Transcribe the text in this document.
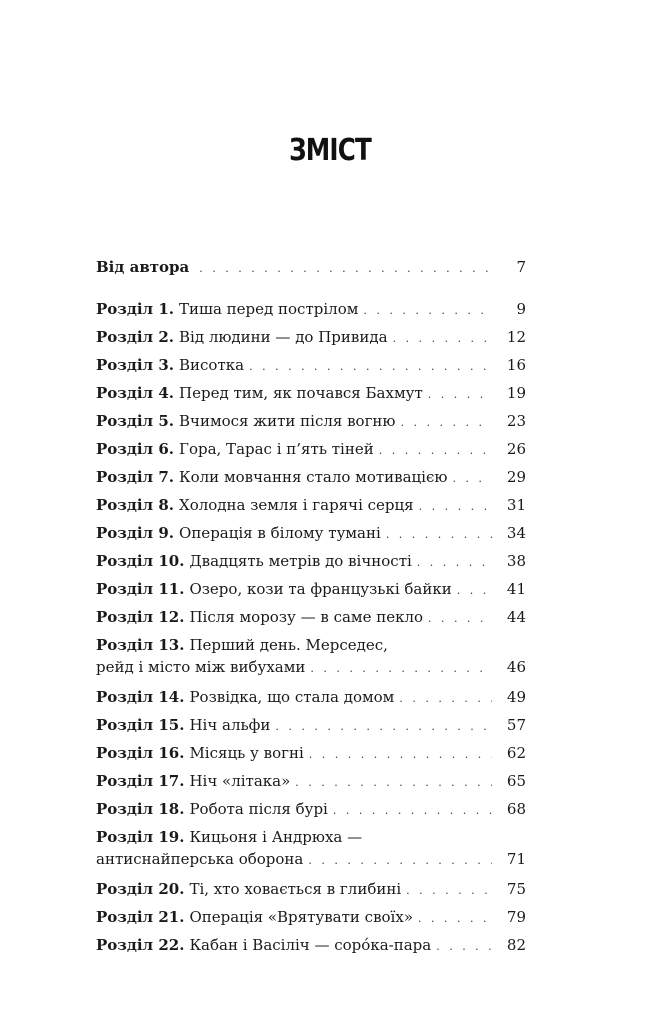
ЗМІСТ
Від автора . . .	7
Розділ 1. Тиша перед пострілом . . .	9
Розділ 2. Від людини — до Привида . . .	12
Розділ 3. Висотка . . .	16
Розділ 4. Перед тим, як почався Бахмут . . .	19
Розділ 5. Вчимося жити після вогню . . .	23
Розділ 6. Гора, Тарас і п’ять тіней . . .	26
Розділ 7. Коли мовчання стало мотивацією . . .	29
Розділ 8. Холодна земля і гарячі серця . . .	31
Розділ 9. Операція в білому тумані . . .	34
Розділ 10. Двадцять метрів до вічності . . .	38
Розділ 11. Озеро, кози та французькі байки . . .	41
Розділ 12. Після морозу — в саме пекло . . .	44
Розділ 13. Перший день. Мерседес,
рейд і місто між вибухами . . .	46
Розділ 14. Розвідка, що стала домом . . .	49
Розділ 15. Ніч альфи . . .	57
Розділ 16. Місяць у вогні . . .	62
Розділ 17. Ніч «літака» . . .	65
Розділ 18. Робота після бурі . . .	68
Розділ 19. Кицьоня і Андрюха —
антиснайперська оборона . . .	71
Розділ 20. Ті, хто ховається в глибині . . .	75
Розділ 21. Операція «Врятувати своїх» . . .	79
Розділ 22. Кабан і Васіліч — сорóка-пара . . .	82
